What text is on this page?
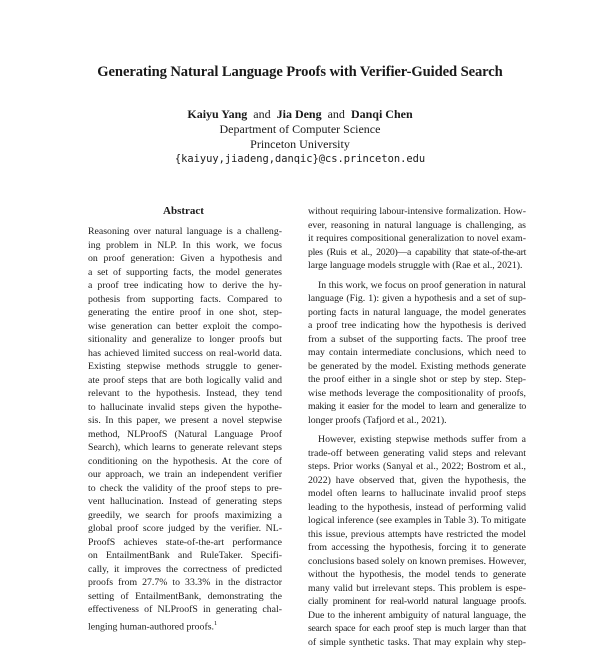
Generating Natural Language Proofs with Verifier-Guided Search
Kaiyu Yang and Jia Deng and Danqi Chen
Department of Computer Science
Princeton University
{kaiyuy,jiadeng,danqic}@cs.princeton.edu
Abstract
Reasoning over natural language is a challeng-
ing problem in NLP. In this work, we focus
on proof generation: Given a hypothesis and
a set of supporting facts, the model generates
a proof tree indicating how to derive the hy-
pothesis from supporting facts. Compared to
generating the entire proof in one shot, step-
wise generation can better exploit the compo-
sitionality and generalize to longer proofs but
has achieved limited success on real-world data.
Existing stepwise methods struggle to gener-
ate proof steps that are both logically valid and
relevant to the hypothesis. Instead, they tend
to hallucinate invalid steps given the hypothe-
sis. In this paper, we present a novel stepwise
method, NLProofS (Natural Language Proof
Search), which learns to generate relevant steps
conditioning on the hypothesis. At the core of
our approach, we train an independent verifier
to check the validity of the proof steps to pre-
vent hallucination. Instead of generating steps
greedily, we search for proofs maximizing a
global proof score judged by the verifier. NL-
ProofS achieves state-of-the-art performance
on EntailmentBank and RuleTaker. Specifi-
cally, it improves the correctness of predicted
proofs from 27.7% to 33.3% in the distractor
setting of EntailmentBank, demonstrating the
effectiveness of NLProofS in generating chal-
lenging human-authored proofs.$^1$
without requiring labour-intensive formalization. How-
ever, reasoning in natural language is challenging, as
it requires compositional generalization to novel exam-
ples (Ruis et al., 2020)—a capability that state-of-the-art
large language models struggle with (Rae et al., 2021).
In this work, we focus on proof generation in natural
language (Fig. 1): given a hypothesis and a set of sup-
porting facts in natural language, the model generates
a proof tree indicating how the hypothesis is derived
from a subset of the supporting facts. The proof tree
may contain intermediate conclusions, which need to
be generated by the model. Existing methods generate
the proof either in a single shot or step by step. Step-
wise methods leverage the compositionality of proofs,
making it easier for the model to learn and generalize to
longer proofs (Tafjord et al., 2021).
However, existing stepwise methods suffer from a
trade-off between generating valid steps and relevant
steps. Prior works (Sanyal et al., 2022; Bostrom et al.,
2022) have observed that, given the hypothesis, the
model often learns to hallucinate invalid proof steps
leading to the hypothesis, instead of performing valid
logical inference (see examples in Table 3). To mitigate
this issue, previous attempts have restricted the model
from accessing the hypothesis, forcing it to generate
conclusions based solely on known premises. However,
without the hypothesis, the model tends to generate
many valid but irrelevant steps. This problem is espe-
cially prominent for real-world natural language proofs.
Due to the inherent ambiguity of natural language, the
search space for each proof step is much larger than that
of simple synthetic tasks. That may explain why step-
